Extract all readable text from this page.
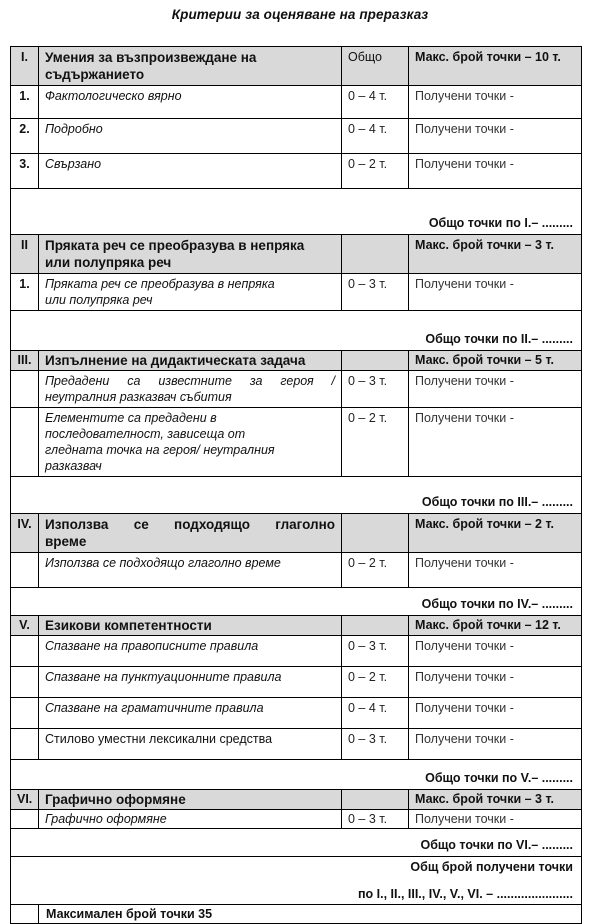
Критерии за оценяване на преразказ
I.	Умения за възпроизвеждане на
съдържанието	Общо	Макс. брой точки – 10 т.
1.	Фактологическо вярно	0 – 4 т.	Получени точки -
2.	Подробно	0 – 4 т.	Получени точки -
3.	Свързано	0 – 2 т.	Получени точки -
Общо точки по I.– .........			
II	Пряката реч се преобразува в непряка
или полупряка реч		Макс. брой точки – 3 т.
1.	Пряката реч се преобразува в непряка
или полупряка реч	0 – 3 т.	Получени точки -
Общо точки по II.– .........			
III.	Изпълнение на дидактическата задача		Макс. брой точки – 5 т.

	Предадени са известните за героя /
неутралния разказвач събития	0 – 3 т.	Получени точки -

	Елементите са предадени в
последователност, зависеща от
гледната точка на героя/ неутралния
разказвач	0 – 2 т.	Получени точки -
Общо точки по III.– .........			
IV.	Използва се подходящо глаголно
време		Макс. брой точки – 2 т.

	Използва се подходящо глаголно време	0 – 2 т.	Получени точки -
Общо точки по IV.– .........			
V.	Езикови компетентности		Макс. брой точки – 12 т.

	Спазване на правописните правила	0 – 3 т.	Получени точки -

	Спазване на пунктуационните правила	0 – 2 т.	Получени точки -

	Спазване на граматичните правила	0 – 4 т.	Получени точки -

	Стилово уместни лексикални средства	0 – 3 т.	Получени точки -
Общо точки по V.– .........			
VI.	Графично оформяне		Макс. брой точки – 3 т.

	Графично оформяне	0 – 3 т.	Получени точки -
Общо точки по VI.– .........			

Общ брой получени точки
по I., II., III., IV., V., VI. – ......................			

	Максимален брой точки 35		
